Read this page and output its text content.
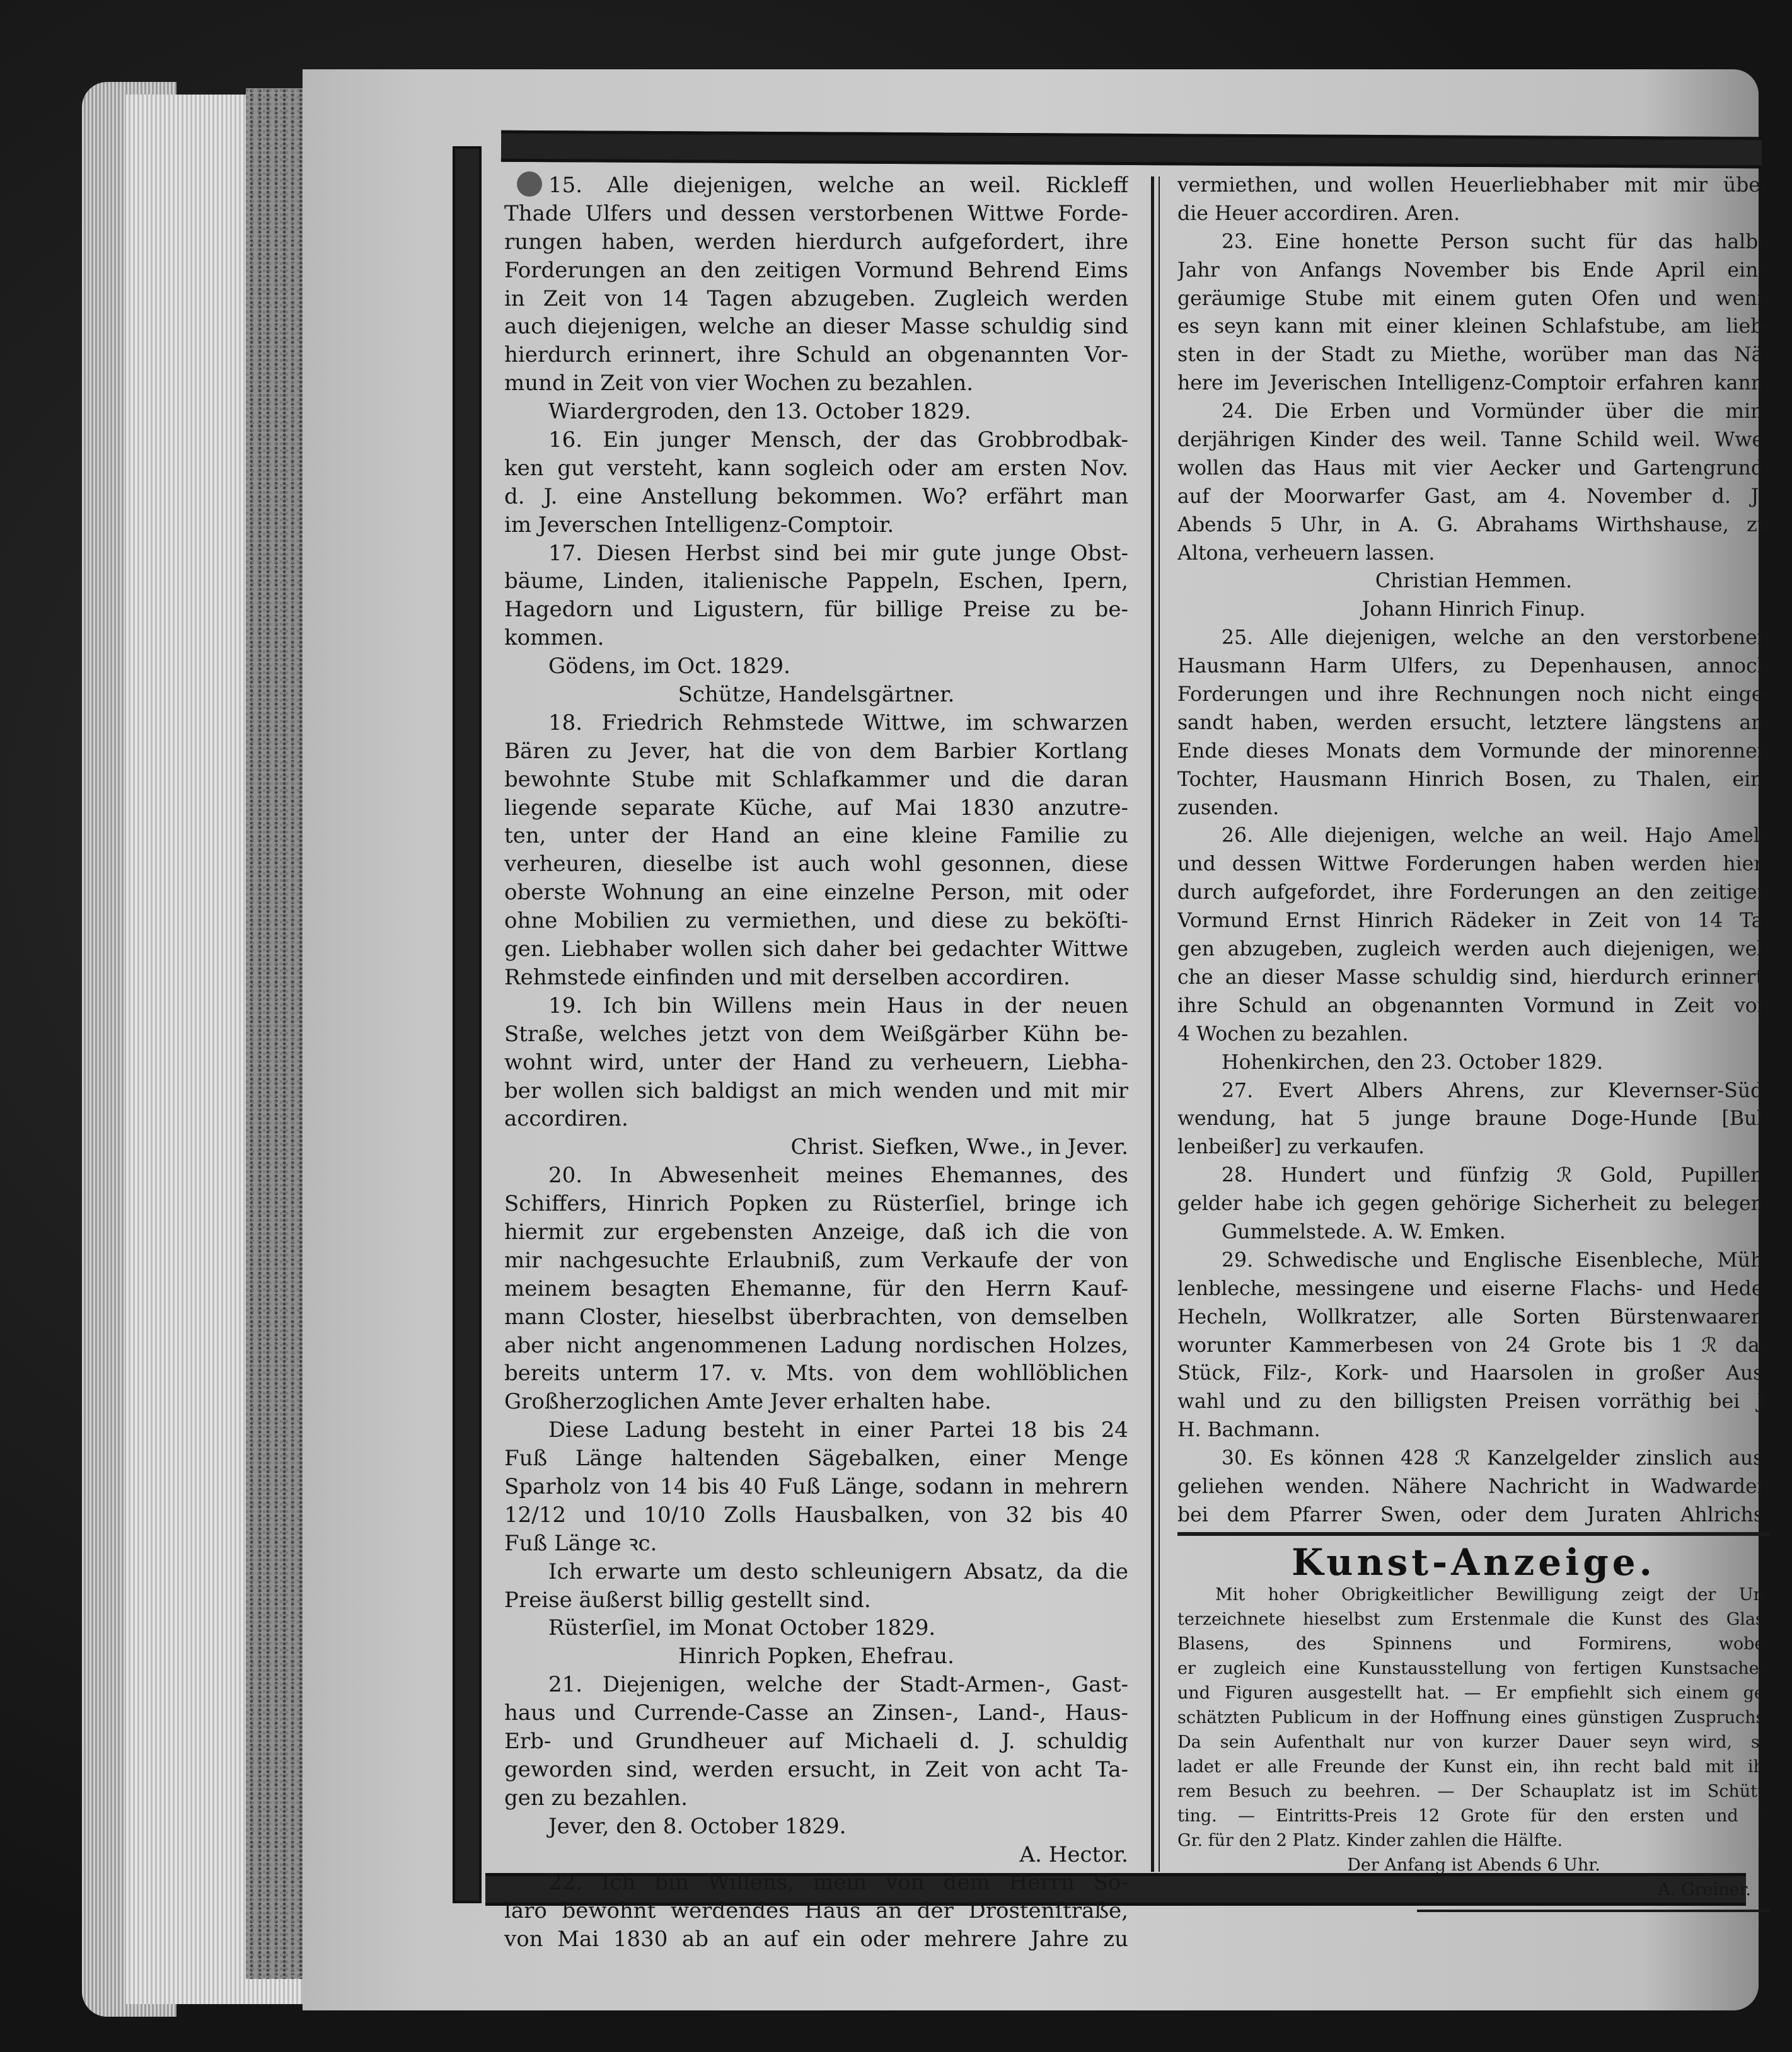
15. Alle diejenigen, welche an weil. Rickleff

Thade Ulfers und dessen verstorbenen Wittwe Forde-

rungen haben, werden hierdurch aufgefordert, ihre

Forderungen an den zeitigen Vormund Behrend Eims

in Zeit von 14 Tagen abzugeben. Zugleich werden

auch diejenigen, welche an dieser Masse schuldig sind

hierdurch erinnert, ihre Schuld an obgenannten Vor-

mund in Zeit von vier Wochen zu bezahlen.

Wiardergroden, den 13. October 1829.

16. Ein junger Mensch, der das Grobbrodbak-

ken gut versteht, kann sogleich oder am ersten Nov.

d. J. eine Anstellung bekommen. Wo? erfährt man

im Jeverschen Intelligenz-Comptoir.

17. Diesen Herbst sind bei mir gute junge Obst-

bäume, Linden, italienische Pappeln, Eschen, Ipern,

Hagedorn und Ligustern, für billige Preise zu be-

kommen.

Gödens, im Oct. 1829.

Schütze, Handelsgärtner.

18. Friedrich Rehmstede Wittwe, im schwarzen

Bären zu Jever, hat die von dem Barbier Kortlang

bewohnte Stube mit Schlafkammer und die daran

liegende separate Küche, auf Mai 1830 anzutre-

ten, unter der Hand an eine kleine Familie zu

verheuren, dieselbe ist auch wohl gesonnen, diese

oberste Wohnung an eine einzelne Person, mit oder

ohne Mobilien zu vermiethen, und diese zu beköſti-

gen. Liebhaber wollen sich daher bei gedachter Wittwe

Rehmstede einfinden und mit derselben accordiren.

19. Ich bin Willens mein Haus in der neuen

Straße, welches jetzt von dem Weißgärber Kühn be-

wohnt wird, unter der Hand zu verheuern, Liebha-

ber wollen sich baldigst an mich wenden und mit mir

accordiren.

Christ. Siefken, Wwe., in Jever.

20. In Abwesenheit meines Ehemannes, des

Schiffers, Hinrich Popken zu Rüsterſiel, bringe ich

hiermit zur ergebensten Anzeige, daß ich die von

mir nachgesuchte Erlaubniß, zum Verkaufe der von

meinem besagten Ehemanne, für den Herrn Kauf-

mann Closter, hieselbst überbrachten, von demselben

aber nicht angenommenen Ladung nordischen Holzes,

bereits unterm 17. v. Mts. von dem wohllöblichen

Großherzoglichen Amte Jever erhalten habe.

Diese Ladung besteht in einer Partei 18 bis 24

Fuß Länge haltenden Sägebalken, einer Menge

Sparholz von 14 bis 40 Fuß Länge, sodann in mehrern

12/12 und 10/10 Zolls Hausbalken, von 32 bis 40

Fuß Länge ꝛc.

Ich erwarte um desto schleunigern Absatz, da die

Preise äußerst billig gestellt sind.

Rüsterſiel, im Monat October 1829.

Hinrich Popken, Ehefrau.

21. Diejenigen, welche der Stadt-Armen-, Gast-

haus und Currende-Casse an Zinsen-, Land-, Haus-

Erb- und Grundheuer auf Michaeli d. J. schuldig

geworden sind, werden ersucht, in Zeit von acht Ta-

gen zu bezahlen.

Jever, den 8. October 1829.

A. Hector.

22. Ich bin Willens, mein von dem Herrn So-

laro bewohnt werdendes Haus an der Drostenſtraße,

von Mai 1830 ab an auf ein oder mehrere Jahre zu

vermiethen, und wollen Heuerliebhaber mit mir über

die Heuer accordiren. Aren.

23. Eine honette Person sucht für das halbe

Jahr von Anfangs November bis Ende April eine

geräumige Stube mit einem guten Ofen und wenn

es seyn kann mit einer kleinen Schlafstube, am lieb-

sten in der Stadt zu Miethe, worüber man das Nä-

here im Jeverischen Intelligenz-Comptoir erfahren kann.

24. Die Erben und Vormünder über die min-

derjährigen Kinder des weil. Tanne Schild weil. Wwe.

wollen das Haus mit vier Aecker und Gartengrund,

auf der Moorwarfer Gast, am 4. November d. J.,

Abends 5 Uhr, in A. G. Abrahams Wirthshause, zu

Altona, verheuern lassen.

Christian Hemmen.

Johann Hinrich Finup.

25. Alle diejenigen, welche an den verstorbenen

Hausmann Harm Ulfers, zu Depenhausen, annoch

Forderungen und ihre Rechnungen noch nicht einge-

sandt haben, werden ersucht, letztere längstens am

Ende dieses Monats dem Vormunde der minorennen

Tochter, Hausmann Hinrich Bosen, zu Thalen, ein-

zusenden.

26. Alle diejenigen, welche an weil. Hajo Amels

und dessen Wittwe Forderungen haben werden hier-

durch aufgefordet, ihre Forderungen an den zeitigen

Vormund Ernst Hinrich Rädeker in Zeit von 14 Ta-

gen abzugeben, zugleich werden auch diejenigen, wel-

che an dieser Masse schuldig sind, hierdurch erinnert,

ihre Schuld an obgenannten Vormund in Zeit von

4 Wochen zu bezahlen.

Hohenkirchen, den 23. October 1829.

27. Evert Albers Ahrens, zur Klevernser-Süd-

wendung, hat 5 junge braune Doge-Hunde [Bul-

lenbeißer] zu verkaufen.

28. Hundert und fünfzig ℛ Gold, Pupillen-

gelder habe ich gegen gehörige Sicherheit zu belegen.

Gummelstede. A. W. Emken.

29. Schwedische und Englische Eisenbleche, Müh-

lenbleche, messingene und eiserne Flachs- und Hede-

Hecheln, Wollkratzer, alle Sorten Bürstenwaaren,

worunter Kammerbesen von 24 Grote bis 1 ℛ das

Stück, Filz-, Kork- und Haarsolen in großer Aus-

wahl und zu den billigsten Preisen vorräthig bei J.

H. Bachmann.

30. Es können 428 ℛ Kanzelgelder zinslich aus-

geliehen wenden. Nähere Nachricht in Wadwarden

bei dem Pfarrer Swen, oder dem Juraten Ahlrichs.

Kunst-Anzeige.

Mit hoher Obrigkeitlicher Bewilligung zeigt der Un-

terzeichnete hieselbst zum Erstenmale die Kunst des Glas-

Blasens, des Spinnens und Formirens, wobei

er zugleich eine Kunstausstellung von fertigen Kunstsachen

und Figuren ausgestellt hat. — Er empfiehlt sich einem ge-

schätzten Publicum in der Hoffnung eines günstigen Zuspruchs.

Da sein Aufenthalt nur von kurzer Dauer seyn wird, so

ladet er alle Freunde der Kunst ein, ihn recht bald mit ih-

rem Besuch zu beehren. — Der Schauplatz ist im Schütt-

ting. — Eintritts-Preis 12 Grote für den ersten und 6

Gr. für den 2 Platz. Kinder zahlen die Hälfte.

Der Anfang ist Abends 6 Uhr.

A. Greiner.
